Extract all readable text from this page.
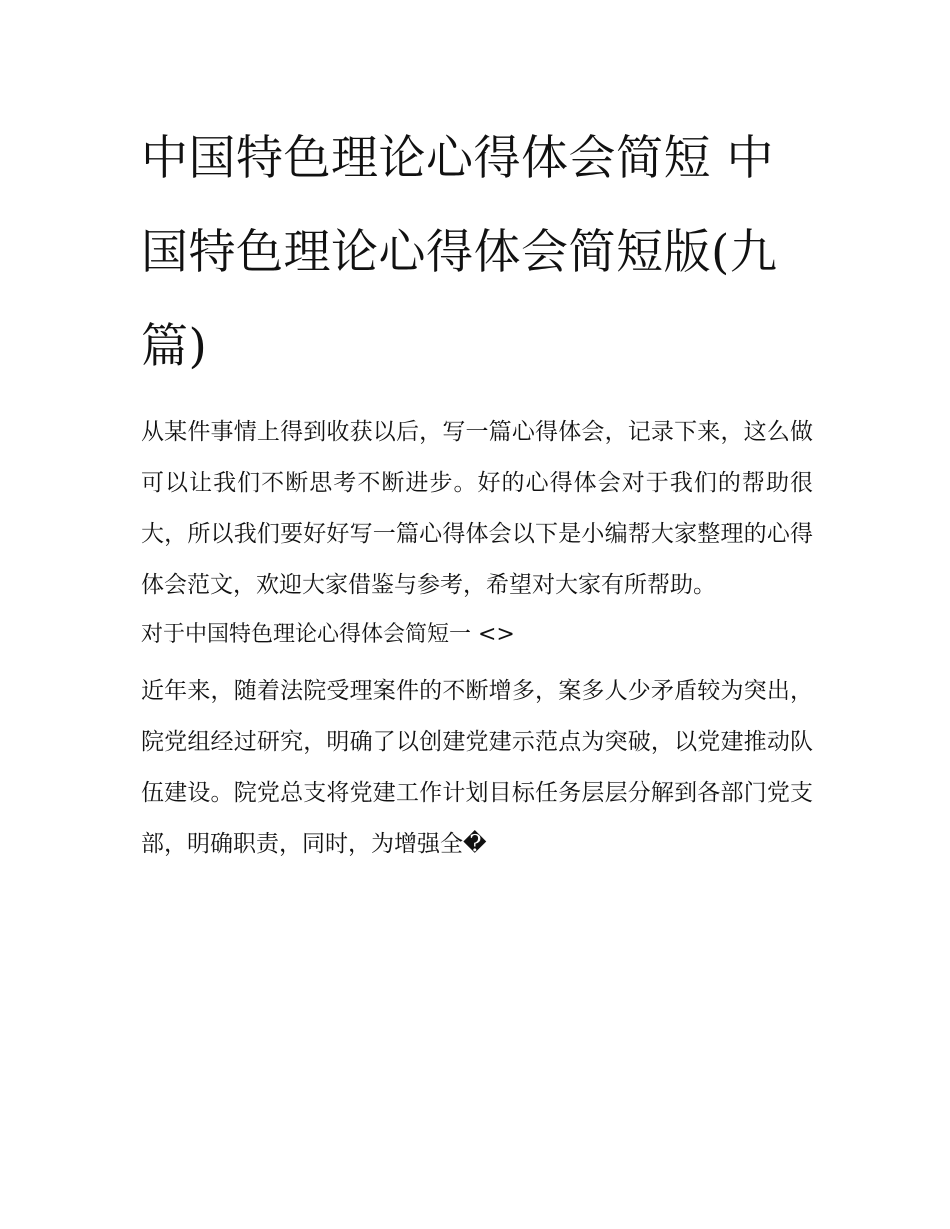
中国特色理论心得体会简短 中国特色理论心得体会简短版(九篇)

从某件事情上得到收获以后，写一篇心得体会，记录下来，这么做可以让我们不断思考不断进步。好的心得体会对于我们的帮助很大，所以我们要好好写一篇心得体会以下是小编帮大家整理的心得体会范文，欢迎大家借鉴与参考，希望对大家有所帮助。

对于中国特色理论心得体会简短一 <>

近年来，随着法院受理案件的不断增多，案多人少矛盾较为突出，院党组经过研究，明确了以创建党建示范点为突破，以党建推动队伍建设。院党总支将党建工作计划目标任务层层分解到各部门党支部，明确职责，同时，为增强全�
